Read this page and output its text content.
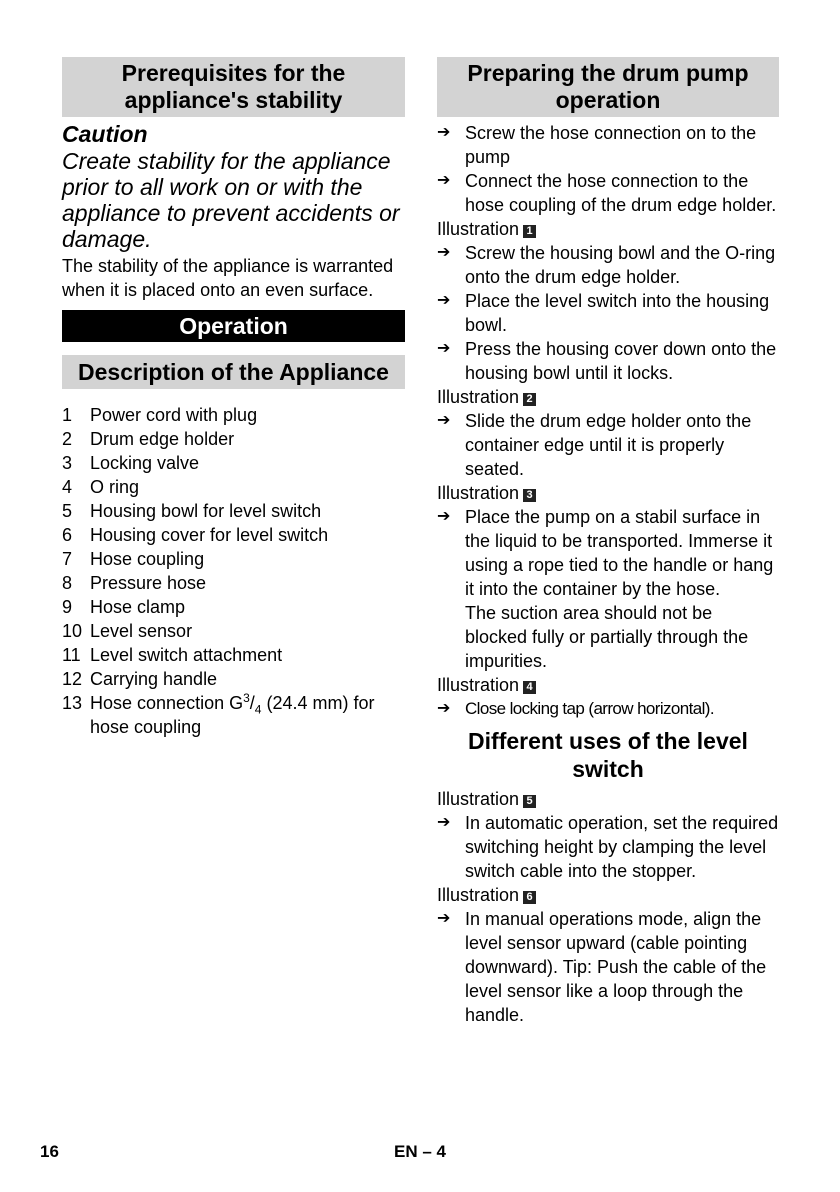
Prerequisites for the appliance's stability
Caution
Create stability for the appliance prior to all work on or with the appliance to prevent accidents or damage.

The stability of the appliance is warranted when it is placed onto an even surface.

Operation
Description of the Appliance
1 Power cord with plug
2 Drum edge holder
3 Locking valve
4 O ring
5 Housing bowl for level switch
6 Housing cover for level switch
7 Hose coupling
8 Pressure hose
9 Hose clamp
10 Level sensor
11 Level switch attachment
12 Carrying handle
13 Hose connection $G^3/_4$ (24.4 mm) for hose coupling
Preparing the drum pump operation
➔ Screw the hose connection on to the pump
➔ Connect the hose connection to the hose coupling of the drum edge holder.
Illustration 1
➔ Screw the housing bowl and the O-ring onto the drum edge holder.
➔ Place the level switch into the housing bowl.
➔ Press the housing cover down onto the housing bowl until it locks.
Illustration 2
➔ Slide the drum edge holder onto the container edge until it is properly seated.
Illustration 3
➔ Place the pump on a stabil surface in the liquid to be transported. Immerse it using a rope tied to the handle or hang it into the container by the hose.
The suction area should not be blocked fully or partially through the impurities.
Illustration 4
➔ Close locking tap (arrow horizontal).
Different uses of the level switch
Illustration 5
➔ In automatic operation, set the required switching height by clamping the level switch cable into the stopper.
Illustration 6
➔ In manual operations mode, align the level sensor upward (cable pointing downward). Tip: Push the cable of the level sensor like a loop through the handle.
16	EN – 4
